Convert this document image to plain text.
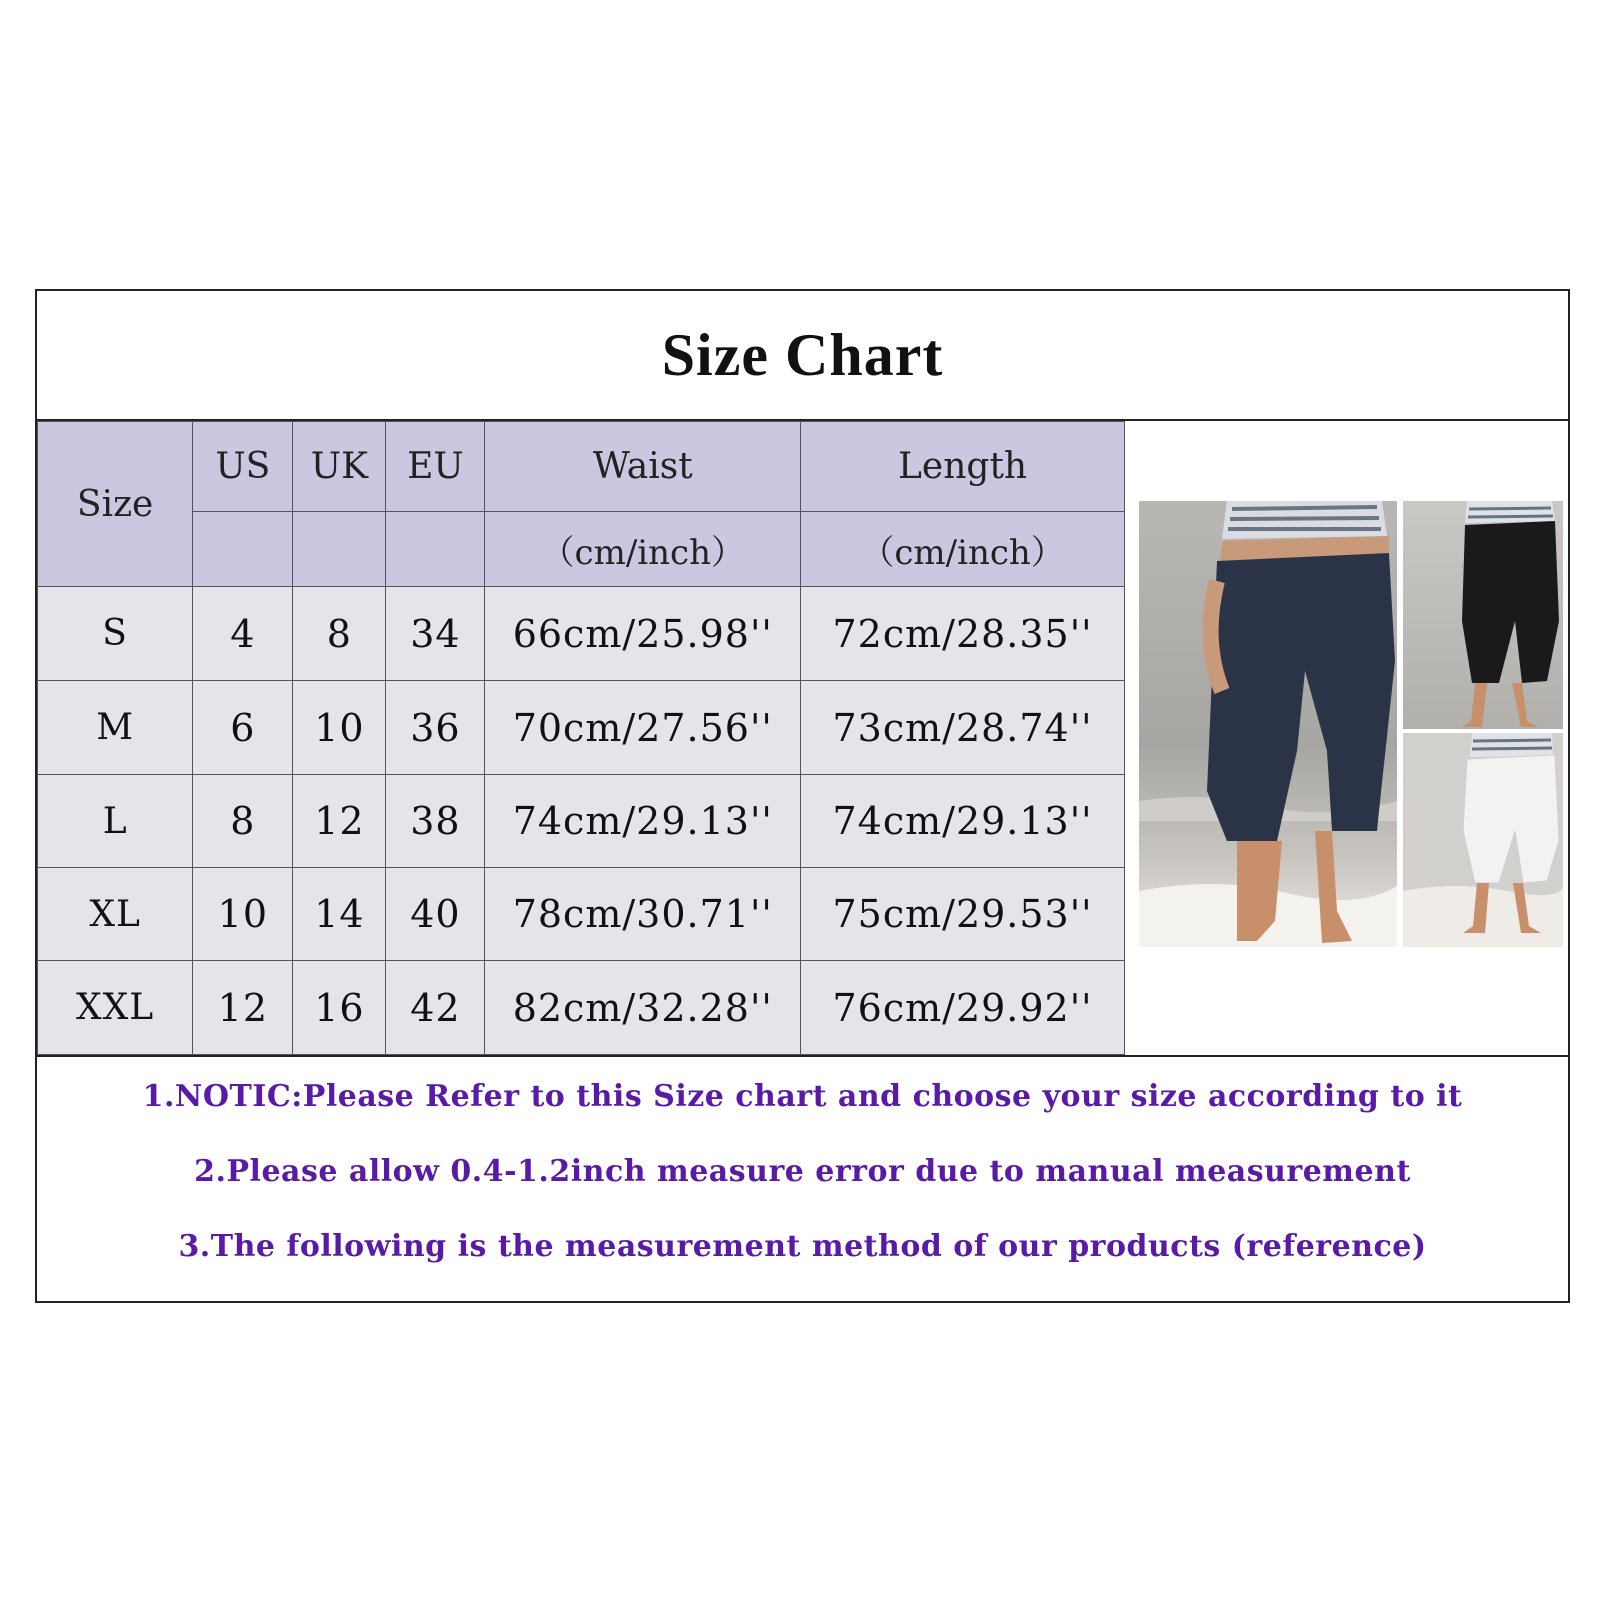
Size Chart
Size	US	UK	EU	Waist	Length
				（cm/inch）	（cm/inch）
S	4	8	34	66cm/25.98''	72cm/28.35''
M	6	10	36	70cm/27.56''	73cm/28.74''
L	8	12	38	74cm/29.13''	74cm/29.13''
XL	10	14	40	78cm/30.71''	75cm/29.53''
XXL	12	16	42	82cm/32.28''	76cm/29.92''
1.NOTIC:Please Refer to this Size chart and choose your size according to it
2.Please allow 0.4-1.2inch measure error due to manual measurement
3.The following is the measurement method of our products (reference)
